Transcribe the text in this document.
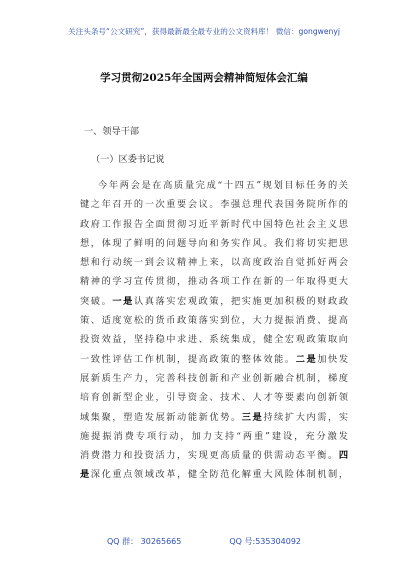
关注头条号“公文研究”，获得最新最全最专业的公文资料库！ 微信：gongwenyj
学习贯彻2025年全国两会精神简短体会汇编
一、领导干部
（一）区委书记说
今年两会是在高质量完成“十四五”规划目标任务的关
键之年召开的一次重要会议。李强总理代表国务院所作的
政府工作报告全面贯彻习近平新时代中国特色社会主义思
想，体现了鲜明的问题导向和务实作风。我们将切实把思
想和行动统一到会议精神上来，以高度政治自觉抓好两会
精神的学习宣传贯彻，推动各项工作在新的一年取得更大
突破。一是认真落实宏观政策，把实施更加积极的财政政
策、适度宽松的货币政策落实到位，大力提振消费、提高
投资效益，坚持稳中求进、系统集成，健全宏观政策取向
一致性评估工作机制，提高政策的整体效能。二是加快发
展新质生产力，完善科技创新和产业创新融合机制，梯度
培育创新型企业，引导资金、技术、人才等要素向创新领
域集聚，塑造发展新动能新优势。三是持续扩大内需，实
施提振消费专项行动，加力支持“两重”建设，充分激发
消费潜力和投资活力，实现更高质量的供需动态平衡。四
是深化重点领域改革，健全防范化解重大风险体制机制，
QQ 群： 30265665	QQ 号:535304092
